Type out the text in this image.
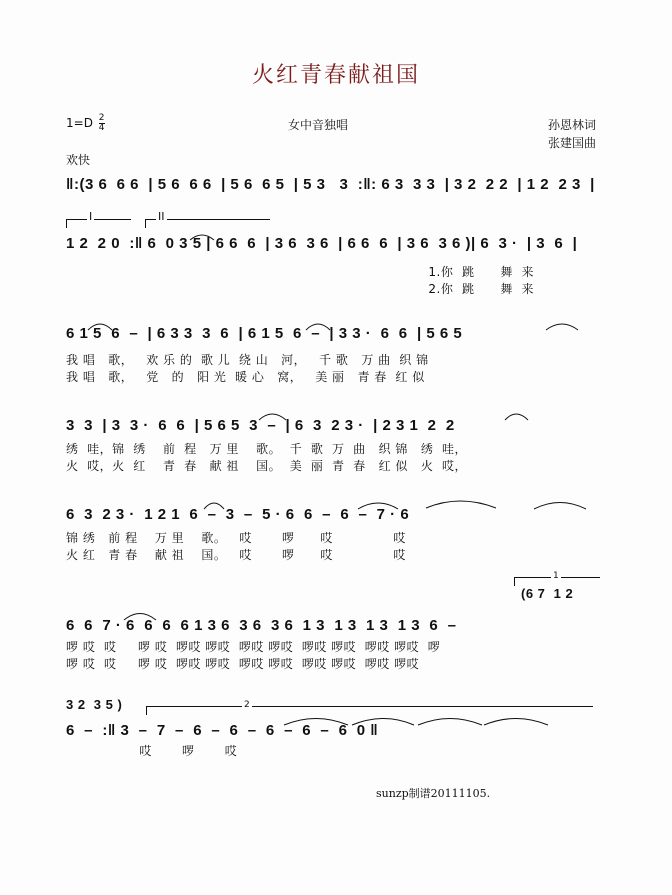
火红青春献祖国
$1=D \frac{2}{4}$	女中音独唱	孙恩林词
张建国曲
欢快
I	II
1
2
‖:(3 6  6 6  | 5 6  6 6  | 5 6  6 5  | 5 3   3  :‖: 6 3  3 3  | 3 2  2 2  | 1 2  2 3  |
1 2  2 0  :‖ 6  0 3 5 | 6 6  6  | 3 6  3 6  | 6 6  6  | 3 6  3 6 )| 6  3 ·  | 3  6  |
1.你  跳      舞  来
2.你  跳      舞  来
6 1 5  6  –  | 6 3 3  3  6  | 6 1 5  6  –  | 3 3 ·  6  6  | 5 6 5
我 唱   歌，   欢 乐 的  歌 儿  绕 山   河，   千 歌   万 曲  织 锦
我 唱   歌，   党   的   阳 光  暖 心   窝，   美 丽   青 春  红 似
3  3  | 3  3 ·  6  6  | 5 6 5  3  –  | 6  3  2 3 ·  | 2 3 1  2  2
绣  哇，锦  绣    前  程   万 里    歌。  千  歌  万  曲   织 锦   绣  哇，
火  哎，火  红    青  春   献 祖    国。  美  丽  青  春   红 似   火  哎，
6  3  2 3 ·  1 2 1  6  –  3  –  5 · 6  6  –  6  –  7 · 6
锦 绣   前 程    万 里    歌。   哎       啰      哎              哎
火 红   青 春    献 祖    国。   哎       啰      哎              哎
(6 7  1 2
6  6  7 · 6  6  6  6 1 3 6  3 6  3 6  1 3  1 3  1 3  1 3  6  –
啰 哎  哎     啰 哎  啰哎 啰哎  啰哎 啰哎  啰哎 啰哎  啰哎 啰哎  啰
啰 哎  哎     啰 哎  啰哎 啰哎  啰哎 啰哎  啰哎 啰哎  啰哎 啰哎
3 2  3 5 )
6  –  :‖ 3  –  7  –  6  –  6  –  6  –  6  –  6  0 ‖
哎       啰       哎
sunzp制谱20111105.
